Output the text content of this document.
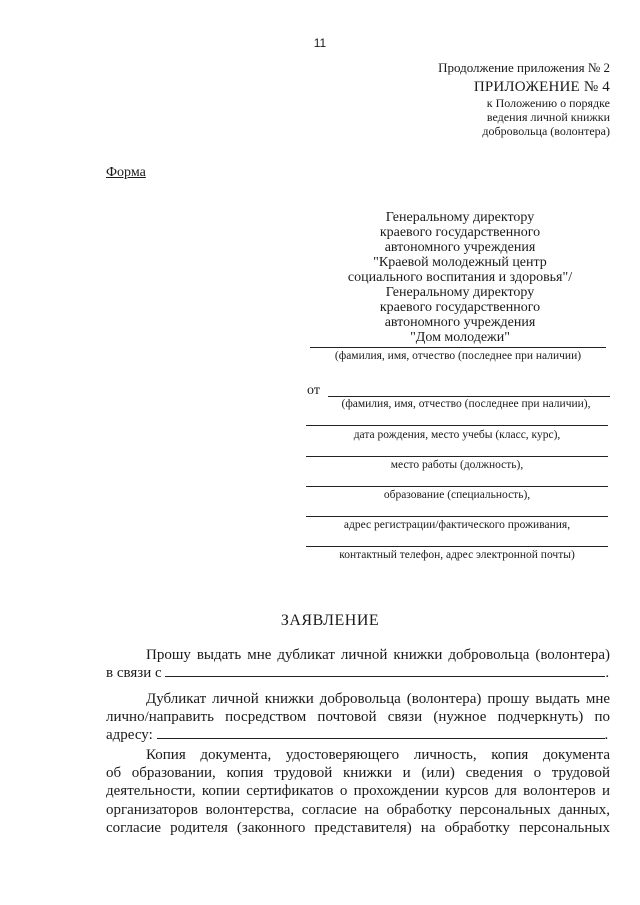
11
Продолжение приложения № 2
ПРИЛОЖЕНИЕ № 4
к Положению о порядке
ведения личной книжки
добровольца (волонтера)
Форма
Генеральному директору
краевого государственного
автономного учреждения
"Краевой молодежный центр
социального воспитания и здоровья"/
Генеральному директору
краевого государственного
автономного учреждения
"Дом молодежи"
(фамилия, имя, отчество (последнее при наличии)
от
(фамилия, имя, отчество (последнее при наличии),
дата рождения, место учебы (класс, курс),
место работы (должность),
образование (специальность),
адрес регистрации/фактического проживания,
контактный телефон, адрес электронной почты)
ЗАЯВЛЕНИЕ
Прошу выдать мне дубликат личной книжки добровольца (волонтера)
в связи с	.
Дубликат личной книжки добровольца (волонтера) прошу выдать мне
лично/направить посредством почтовой связи (нужное подчеркнуть) по
адресу:	.
Копия документа, удостоверяющего личность, копия документа
об образовании, копия трудовой книжки и (или) сведения о трудовой
деятельности, копии сертификатов о прохождении курсов для волонтеров и
организаторов волонтерства, согласие на обработку персональных данных,
согласие родителя (законного представителя) на обработку персональных
